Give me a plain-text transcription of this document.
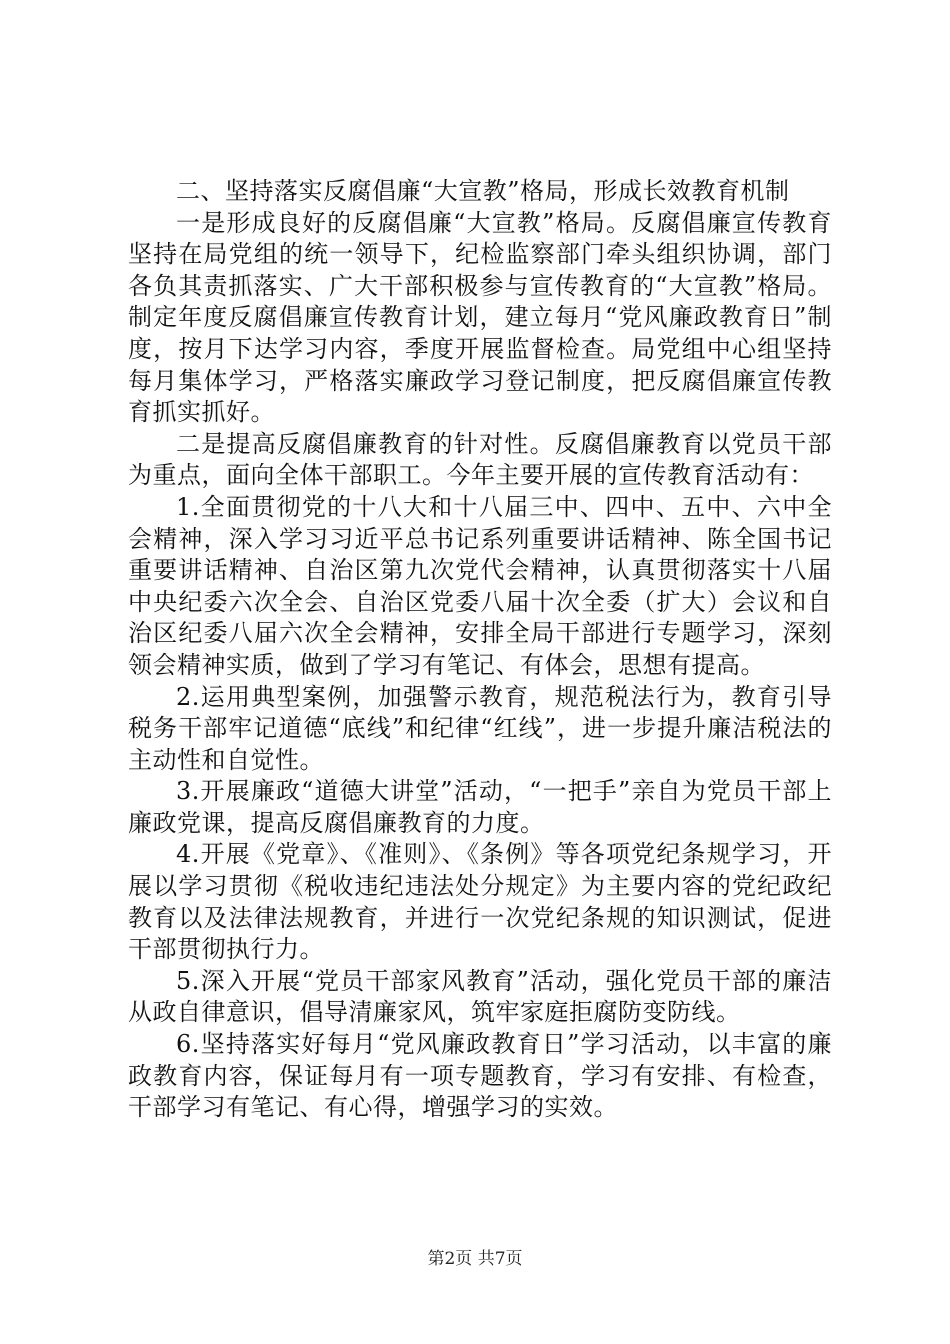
二、坚持落实反腐倡廉“大宣教”格局，形成长效教育机制

一是形成良好的反腐倡廉“大宣教”格局。反腐倡廉宣传教育坚持在局党组的统一领导下，纪检监察部门牵头组织协调，部门各负其责抓落实、广大干部积极参与宣传教育的“大宣教”格局。制定年度反腐倡廉宣传教育计划，建立每月“党风廉政教育日”制度，按月下达学习内容，季度开展监督检查。局党组中心组坚持每月集体学习，严格落实廉政学习登记制度，把反腐倡廉宣传教育抓实抓好。

二是提高反腐倡廉教育的针对性。反腐倡廉教育以党员干部为重点，面向全体干部职工。今年主要开展的宣传教育活动有：

1.全面贯彻党的十八大和十八届三中、四中、五中、六中全会精神，深入学习习近平总书记系列重要讲话精神、陈全国书记重要讲话精神、自治区第九次党代会精神，认真贯彻落实十八届中央纪委六次全会、自治区党委八届十次全委（扩大）会议和自治区纪委八届六次全会精神，安排全局干部进行专题学习，深刻领会精神实质，做到了学习有笔记、有体会，思想有提高。

2.运用典型案例，加强警示教育，规范税法行为，教育引导税务干部牢记道德“底线”和纪律“红线”，进一步提升廉洁税法的主动性和自觉性。

3.开展廉政“道德大讲堂”活动，“一把手”亲自为党员干部上廉政党课，提高反腐倡廉教育的力度。

4.开展《党章》、《准则》、《条例》等各项党纪条规学习，开展以学习贯彻《税收违纪违法处分规定》为主要内容的党纪政纪教育以及法律法规教育，并进行一次党纪条规的知识测试，促进干部贯彻执行力。

5.深入开展“党员干部家风教育”活动，强化党员干部的廉洁从政自律意识，倡导清廉家风，筑牢家庭拒腐防变防线。

6.坚持落实好每月“党风廉政教育日”学习活动，以丰富的廉政教育内容，保证每月有一项专题教育，学习有安排、有检查，干部学习有笔记、有心得，增强学习的实效。

第2页 共7页
